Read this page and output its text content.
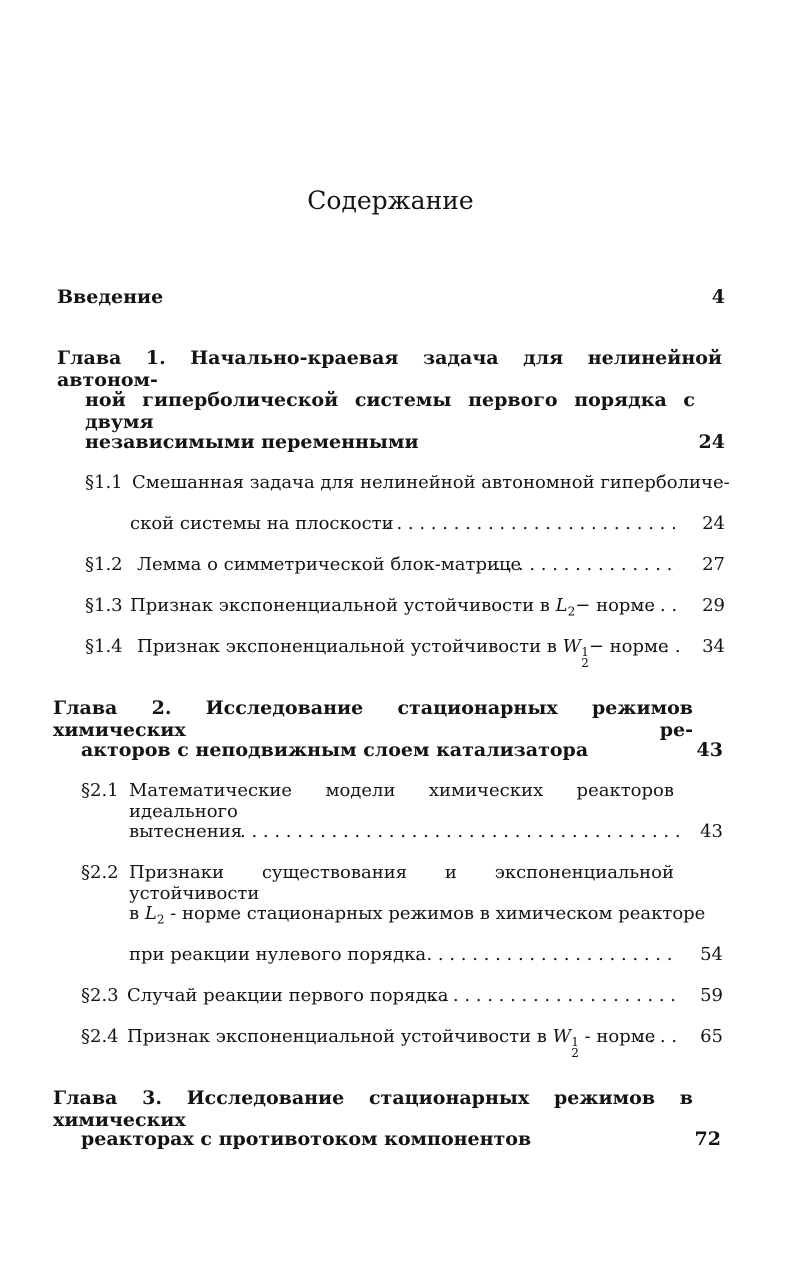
Содержание
Введение	4
Глава 1. Начально-краевая задача для нелинейной автоном-
ной гиперболической системы первого порядка с двумя
независимыми переменными	24
§1.1 Смешанная задача для нелинейной автономной гиперболиче-
ской системы на плоскости . . .	24
§1.2 Лемма о симметрической блок-матрице . . .	27
§1.3 Признак экспоненциальной устойчивости в $L_2-$ норме . . .	29
§1.4 Признак экспоненциальной устойчивости в W 1
2
− норме . . .	34
Глава 2. Исследование стационарных режимов химических ре-
акторов с неподвижным слоем катализатора	43
§2.1 Математические модели химических реакторов идеального
вытеснения . . .	43
§2.2 Признаки существования и экспоненциальной устойчивости
в $L_2$ - норме стационарных режимов в химическом реакторе
при реакции нулевого порядка . . .	54
§2.3 Случай реакции первого порядка . . .	59
§2.4 Признак экспоненциальной устойчивости в W 1
2
- норме . . .	65
Глава 3. Исследование стационарных режимов в химических
реакторах с противотоком компонентов	72
